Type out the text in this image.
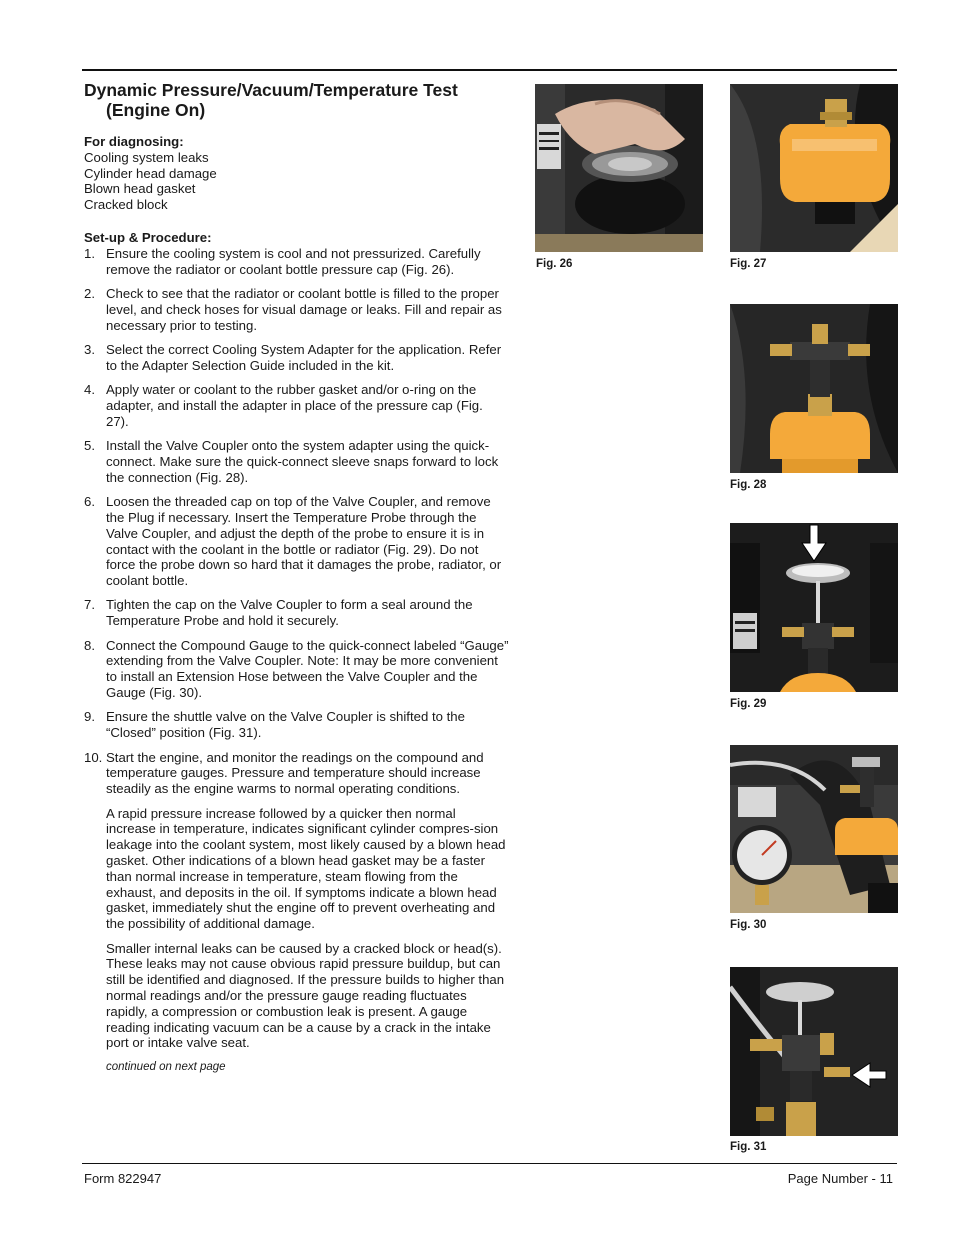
Dynamic Pressure/Vacuum/Temperature Test
(Engine On)
For diagnosing:
Cooling system leaks
Cylinder head damage
Blown head gasket
Cracked block
Set-up & Procedure:
1. Ensure the cooling system is cool and not pressurized. Carefully remove the radiator or coolant bottle pressure cap (Fig. 26).
2. Check to see that the radiator or coolant bottle is filled to the proper level, and check hoses for visual damage or leaks. Fill and repair as necessary prior to testing.
3. Select the correct Cooling System Adapter for the application. Refer to the Adapter Selection Guide included in the kit.
4. Apply water or coolant to the rubber gasket and/or o-ring on the adapter, and install the adapter in place of the pressure cap (Fig. 27).
5. Install the Valve Coupler onto the system adapter using the quick-connect. Make sure the quick-connect sleeve snaps forward to lock the connection (Fig. 28).
6. Loosen the threaded cap on top of the Valve Coupler, and remove the Plug if necessary. Insert the Temperature Probe through the Valve Coupler, and adjust the depth of the probe to ensure it is in contact with the coolant in the bottle or radiator (Fig. 29). Do not force the probe down so hard that it damages the probe, radiator, or coolant bottle.
7. Tighten the cap on the Valve Coupler to form a seal around the Temperature Probe and hold it securely.
8. Connect the Compound Gauge to the quick-connect labeled “Gauge” extending from the Valve Coupler. Note: It may be more convenient to install an Extension Hose between the Valve Coupler and the Gauge (Fig. 30).
9. Ensure the shuttle valve on the Valve Coupler is shifted to the “Closed” position (Fig. 31).
10. Start the engine, and monitor the readings on the compound and temperature gauges. Pressure and temperature should increase steadily as the engine warms to normal operating conditions.
A rapid pressure increase followed by a quicker then normal increase in temperature, indicates significant cylinder compres-sion leakage into the coolant system, most likely caused by a blown head gasket. Other indications of a blown head gasket may be a faster than normal increase in temperature, steam flowing from the exhaust, and deposits in the oil. If symptoms indicate a blown head gasket, immediately shut the engine off to prevent overheating and the possibility of additional damage.
Smaller internal leaks can be caused by a cracked block or head(s). These leaks may not cause obvious rapid pressure buildup, but can still be identified and diagnosed. If the pressure builds to higher than normal readings and/or the pressure gauge reading fluctuates rapidly, a compression or combustion leak is present. A gauge reading indicating vacuum can be a cause by a crack in the intake port or intake valve seat.
continued on next page
Fig. 26	Fig. 27
Fig. 28
Fig. 29
Fig. 30
Fig. 31
Form 822947	Page Number - 11
